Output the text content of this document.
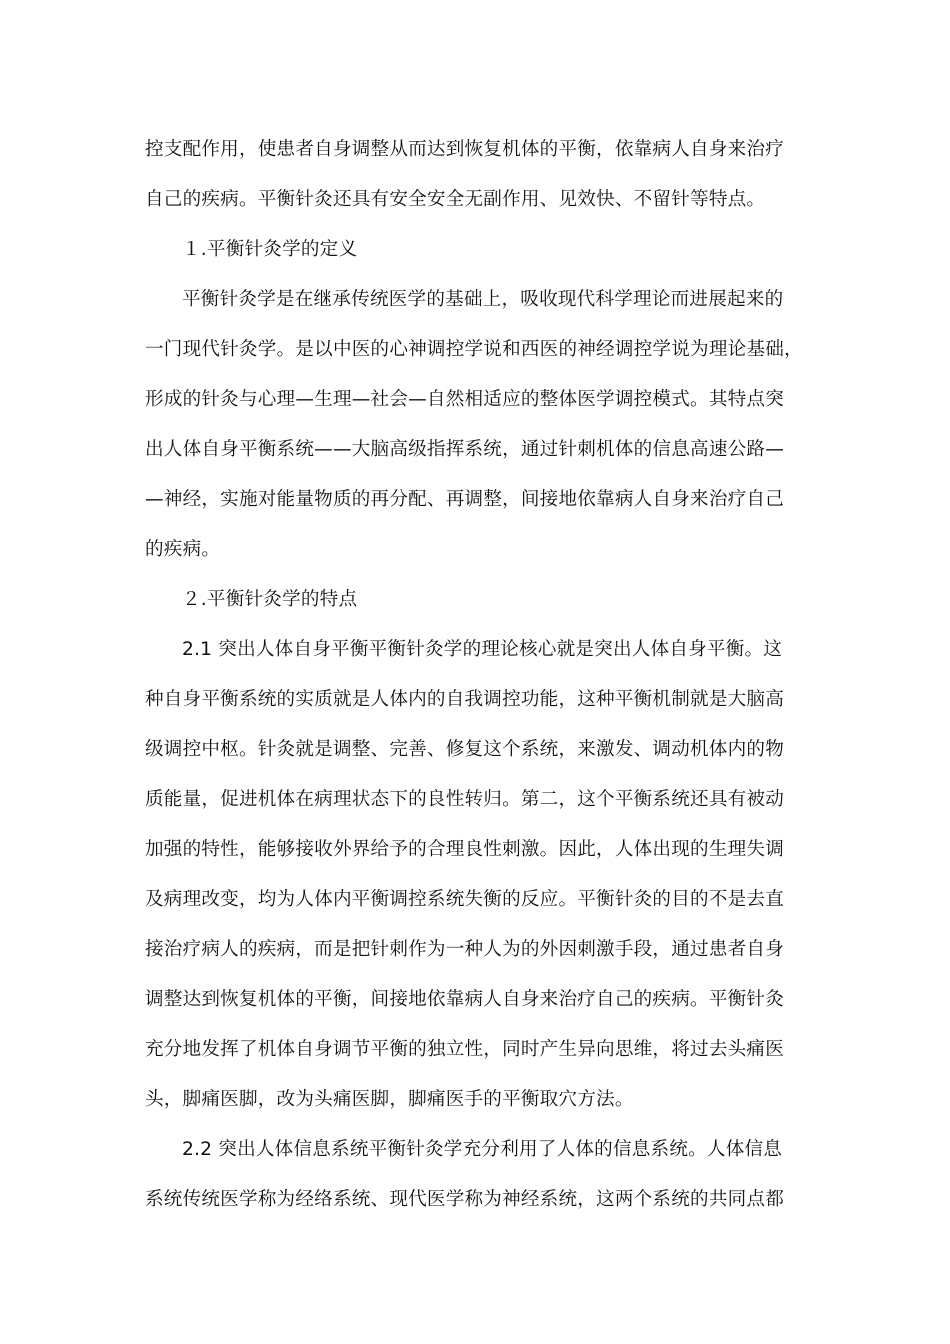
控支配作用，使患者自身调整从而达到恢复机体的平衡，依靠病人自身来治疗
自己的疾病。平衡针灸还具有安全安全无副作用、见效快、不留针等特点。
１.平衡针灸学的定义
平衡针灸学是在继承传统医学的基础上，吸收现代科学理论而进展起来的
一门现代针灸学。是以中医的心神调控学说和西医的神经调控学说为理论基础，
形成的针灸与心理—生理—社会—自然相适应的整体医学调控模式。其特点突
出人体自身平衡系统——大脑高级指挥系统，通过针刺机体的信息高速公路—
—神经，实施对能量物质的再分配、再调整，间接地依靠病人自身来治疗自己
的疾病。
２.平衡针灸学的特点
2.1 突出人体自身平衡平衡针灸学的理论核心就是突出人体自身平衡。这
种自身平衡系统的实质就是人体内的自我调控功能，这种平衡机制就是大脑高
级调控中枢。针灸就是调整、完善、修复这个系统，来激发、调动机体内的物
质能量，促进机体在病理状态下的良性转归。第二，这个平衡系统还具有被动
加强的特性，能够接收外界给予的合理良性刺激。因此，人体出现的生理失调
及病理改变，均为人体内平衡调控系统失衡的反应。平衡针灸的目的不是去直
接治疗病人的疾病，而是把针刺作为一种人为的外因刺激手段，通过患者自身
调整达到恢复机体的平衡，间接地依靠病人自身来治疗自己的疾病。平衡针灸
充分地发挥了机体自身调节平衡的独立性，同时产生异向思维，将过去头痛医
头，脚痛医脚，改为头痛医脚，脚痛医手的平衡取穴方法。
2.2 突出人体信息系统平衡针灸学充分利用了人体的信息系统。人体信息
系统传统医学称为经络系统、现代医学称为神经系统，这两个系统的共同点都
